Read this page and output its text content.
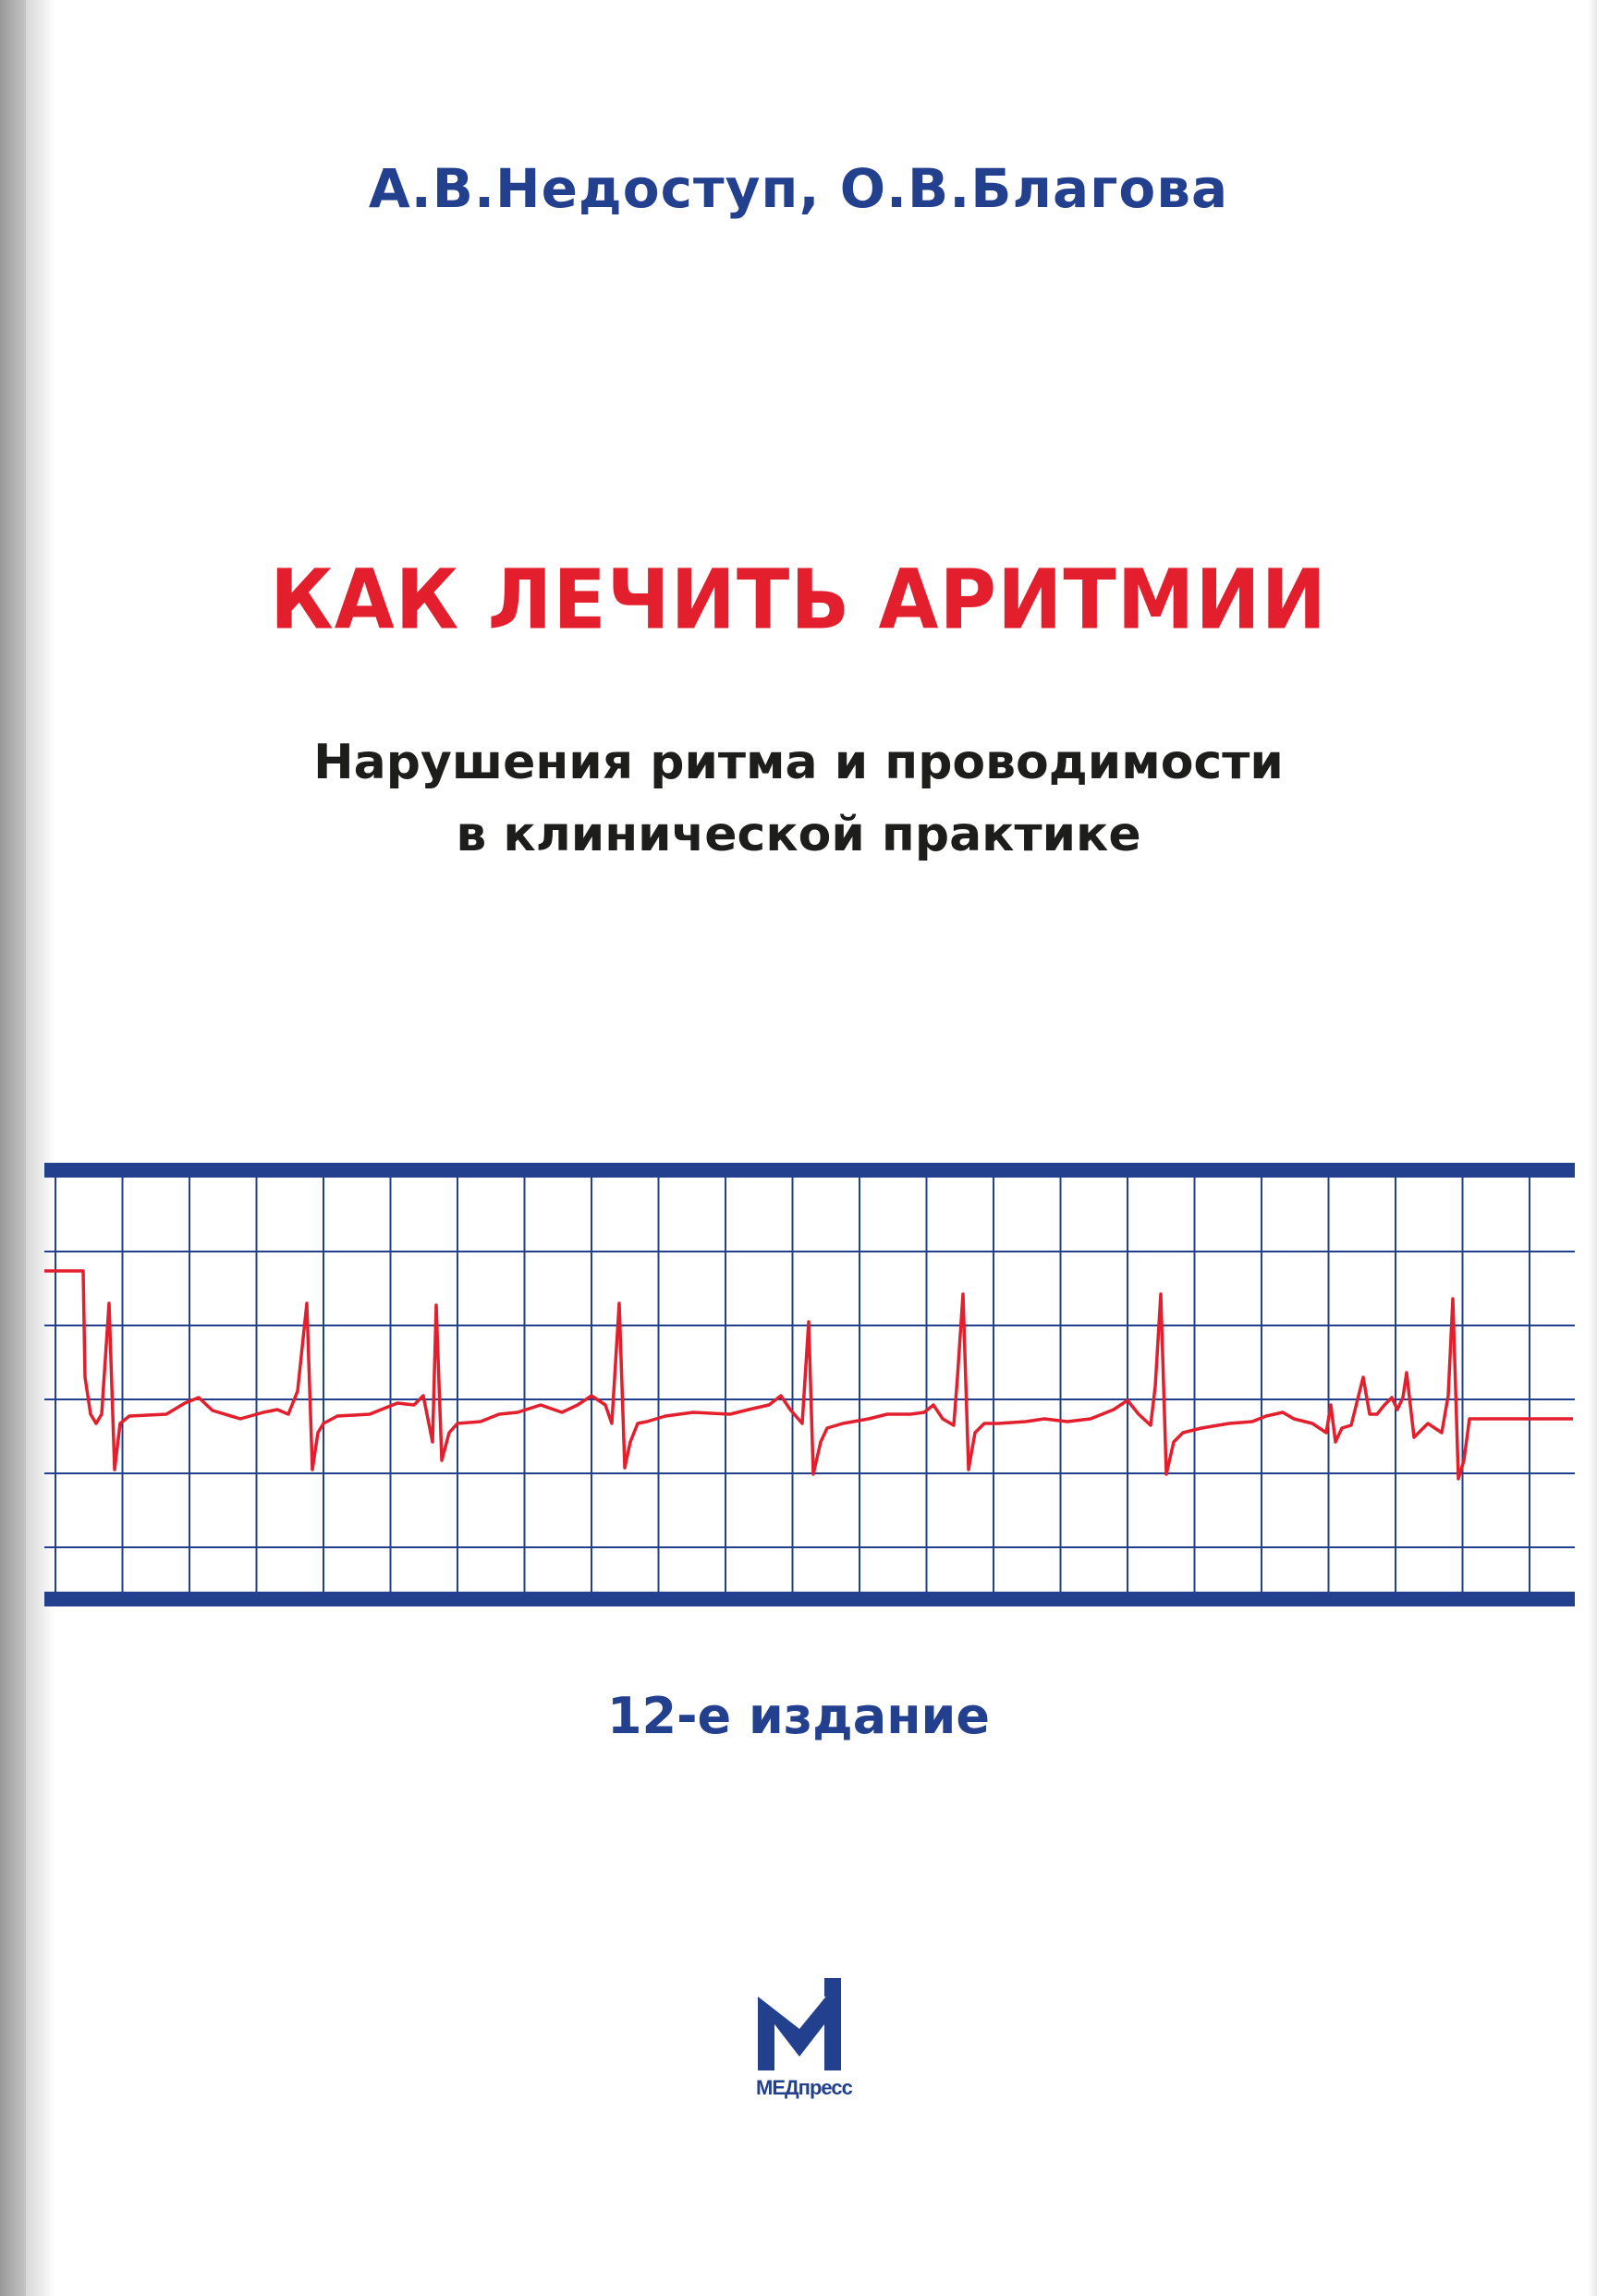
А.В.Недоступ, О.В.Благова
КАК ЛЕЧИТЬ АРИТМИИ
Нарушения ритма и проводимости
в клинической практике
12-е издание
информ
МЕДпресс
